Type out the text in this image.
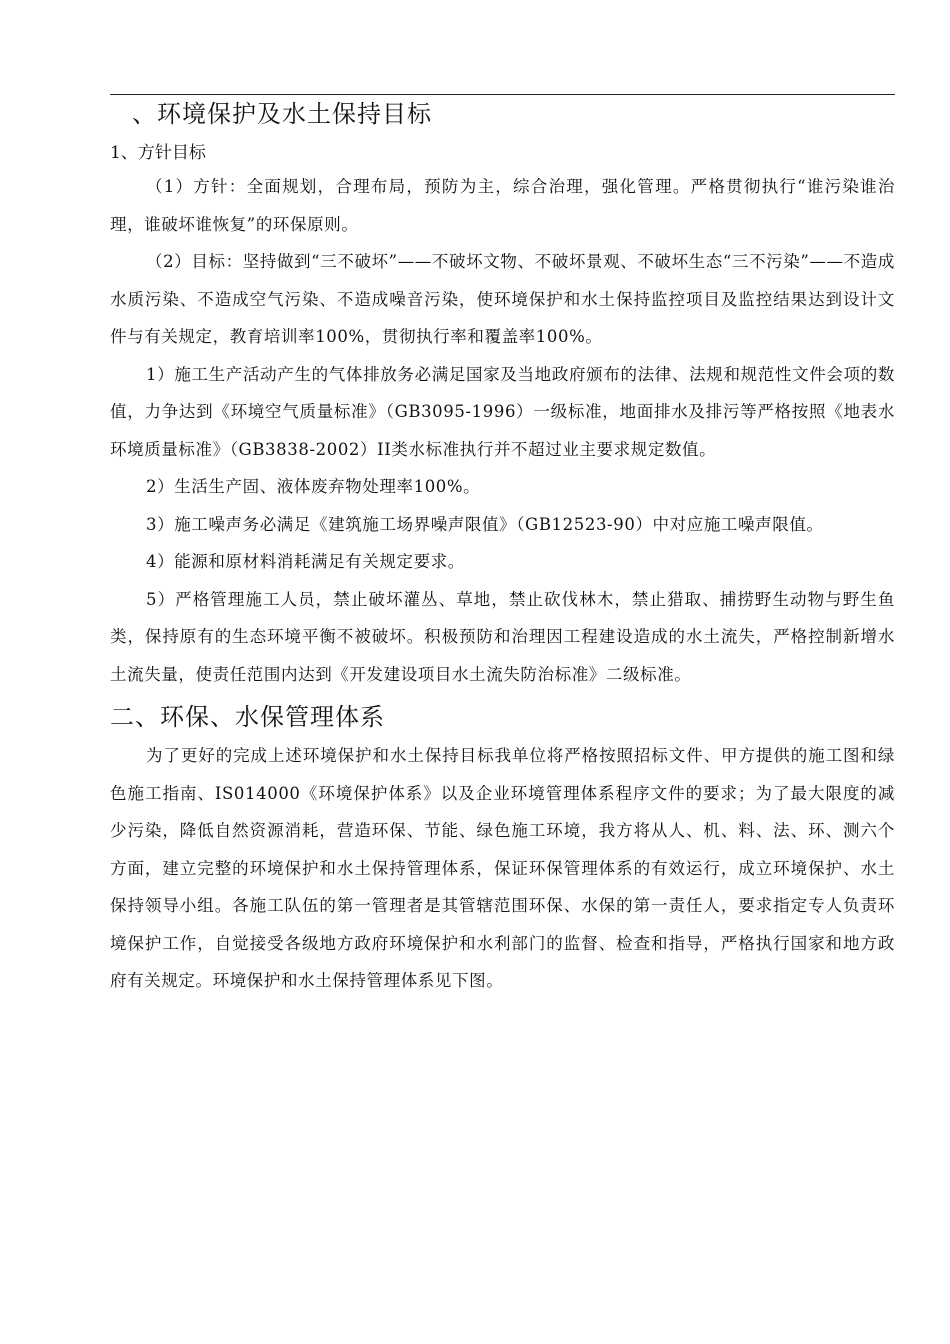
、环境保护及水土保持目标
1、方针目标

（1）方针：全面规划，合理布局，预防为主，综合治理，强化管理。严格贯彻执行“谁污染谁治理，谁破坏谁恢复”的环保原则。

（2）目标：坚持做到“三不破坏”——不破坏文物、不破坏景观、不破坏生态“三不污染”——不造成水质污染、不造成空气污染、不造成噪音污染，使环境保护和水土保持监控项目及监控结果达到设计文件与有关规定，教育培训率100%，贯彻执行率和覆盖率100%。

1）施工生产活动产生的气体排放务必满足国家及当地政府颁布的法律、法规和规范性文件会项的数值，力争达到《环境空气质量标准》（GB3095-1996）一级标准，地面排水及排污等严格按照《地表水环境质量标准》（GB3838-2002）II类水标准执行并不超过业主要求规定数值。

2）生活生产固、液体废弃物处理率100%。

3）施工噪声务必满足《建筑施工场界噪声限值》（GB12523-90）中对应施工噪声限值。

4）能源和原材料消耗满足有关规定要求。

5）严格管理施工人员，禁止破坏灌丛、草地，禁止砍伐林木，禁止猎取、捕捞野生动物与野生鱼类，保持原有的生态环境平衡不被破坏。积极预防和治理因工程建设造成的水土流失，严格控制新增水土流失量，使责任范围内达到《开发建设项目水土流失防治标准》二级标准。

二、环保、水保管理体系

为了更好的完成上述环境保护和水土保持目标我单位将严格按照招标文件、甲方提供的施工图和绿色施工指南、IS014000《环境保护体系》以及企业环境管理体系程序文件的要求；为了最大限度的减少污染，降低自然资源消耗，营造环保、节能、绿色施工环境，我方将从人、机、料、法、环、测六个方面，建立完整的环境保护和水土保持管理体系，保证环保管理体系的有效运行，成立环境保护、水土保持领导小组。各施工队伍的第一管理者是其管辖范围环保、水保的第一责任人，要求指定专人负责环境保护工作，自觉接受各级地方政府环境保护和水利部门的监督、检查和指导，严格执行国家和地方政府有关规定。环境保护和水土保持管理体系见下图。
